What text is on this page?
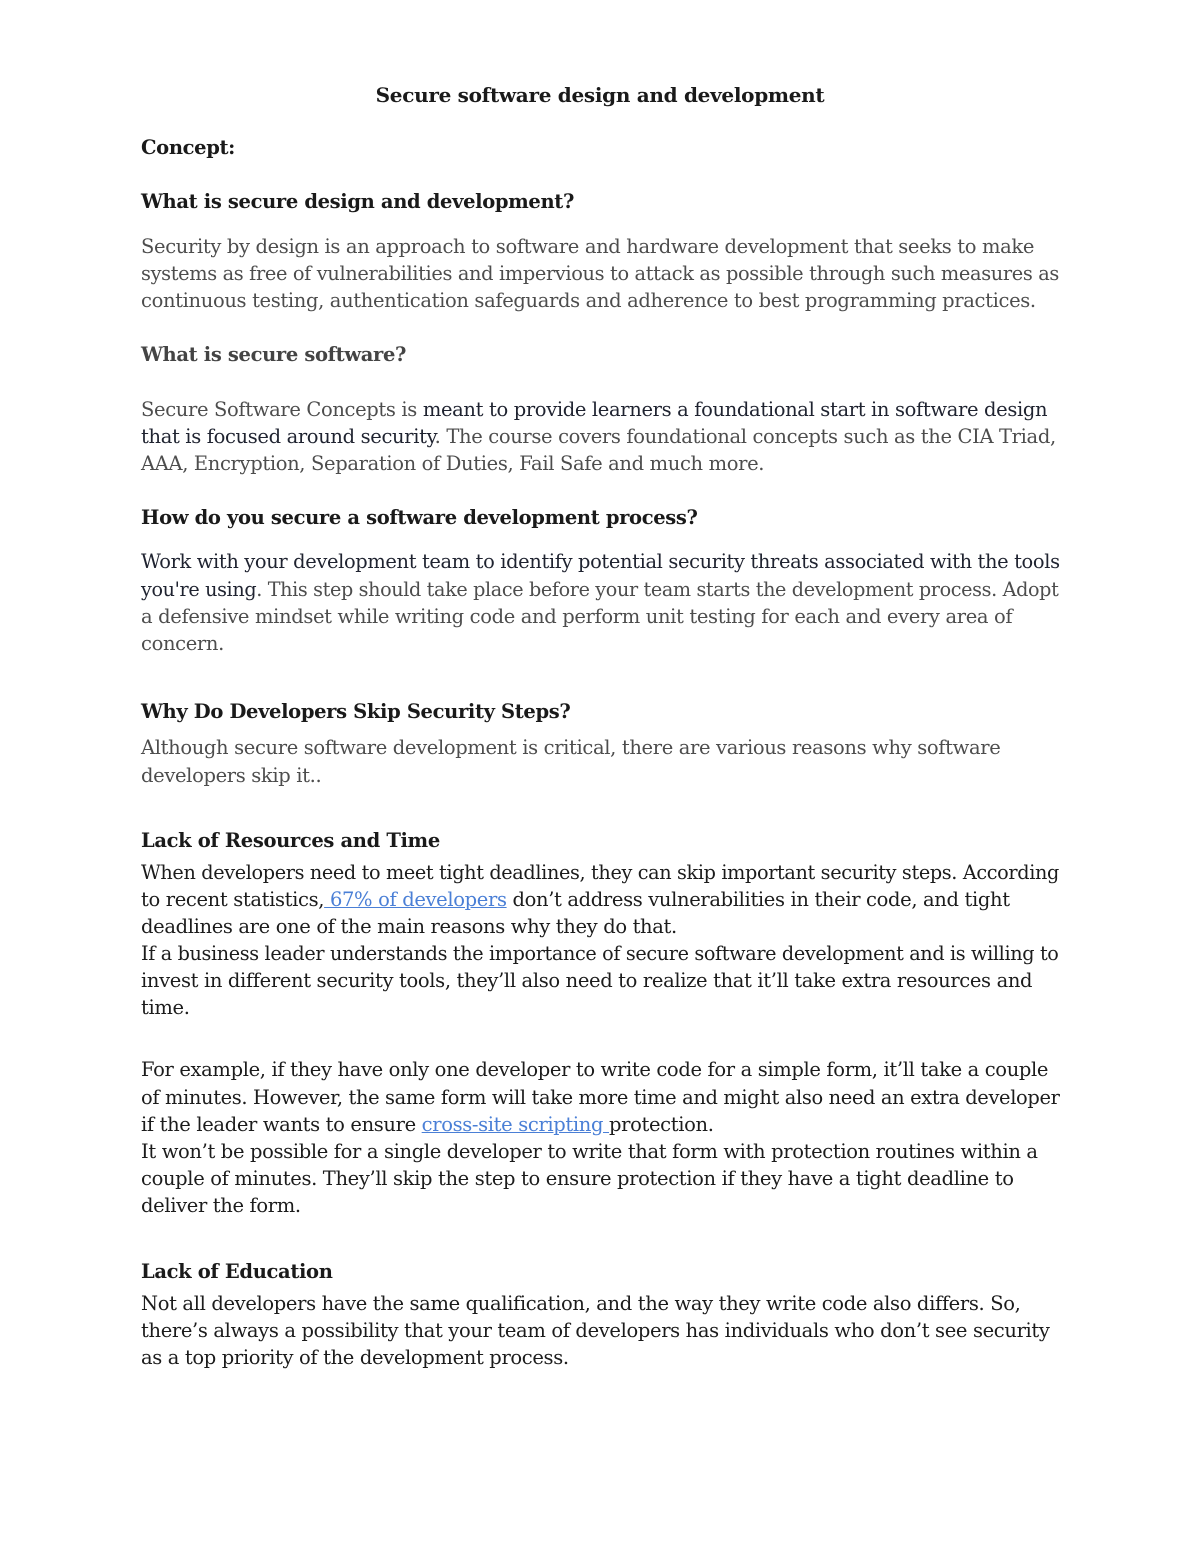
Secure software design and development
Concept:
What is secure design and development?
Security by design is an approach to software and hardware development that seeks to make
systems as free of vulnerabilities and impervious to attack as possible through such measures as
continuous testing, authentication safeguards and adherence to best programming practices.
What is secure software?
Secure Software Concepts is meant to provide learners a foundational start in software design
that is focused around security. The course covers foundational concepts such as the CIA Triad,
AAA, Encryption, Separation of Duties, Fail Safe and much more.
How do you secure a software development process?
Work with your development team to identify potential security threats associated with the tools
you're using. This step should take place before your team starts the development process. Adopt
a defensive mindset while writing code and perform unit testing for each and every area of
concern.
Why Do Developers Skip Security Steps?
Although secure software development is critical, there are various reasons why software
developers skip it..
Lack of Resources and Time
When developers need to meet tight deadlines, they can skip important security steps. According
to recent statistics, 67% of developers don’t address vulnerabilities in their code, and tight
deadlines are one of the main reasons why they do that.
If a business leader understands the importance of secure software development and is willing to
invest in different security tools, they’ll also need to realize that it’ll take extra resources and
time.
For example, if they have only one developer to write code for a simple form, it’ll take a couple
of minutes. However, the same form will take more time and might also need an extra developer
if the leader wants to ensure cross-site scripting protection.
It won’t be possible for a single developer to write that form with protection routines within a
couple of minutes. They’ll skip the step to ensure protection if they have a tight deadline to
deliver the form.
Lack of Education
Not all developers have the same qualification, and the way they write code also differs. So,
there’s always a possibility that your team of developers has individuals who don’t see security
as a top priority of the development process.
